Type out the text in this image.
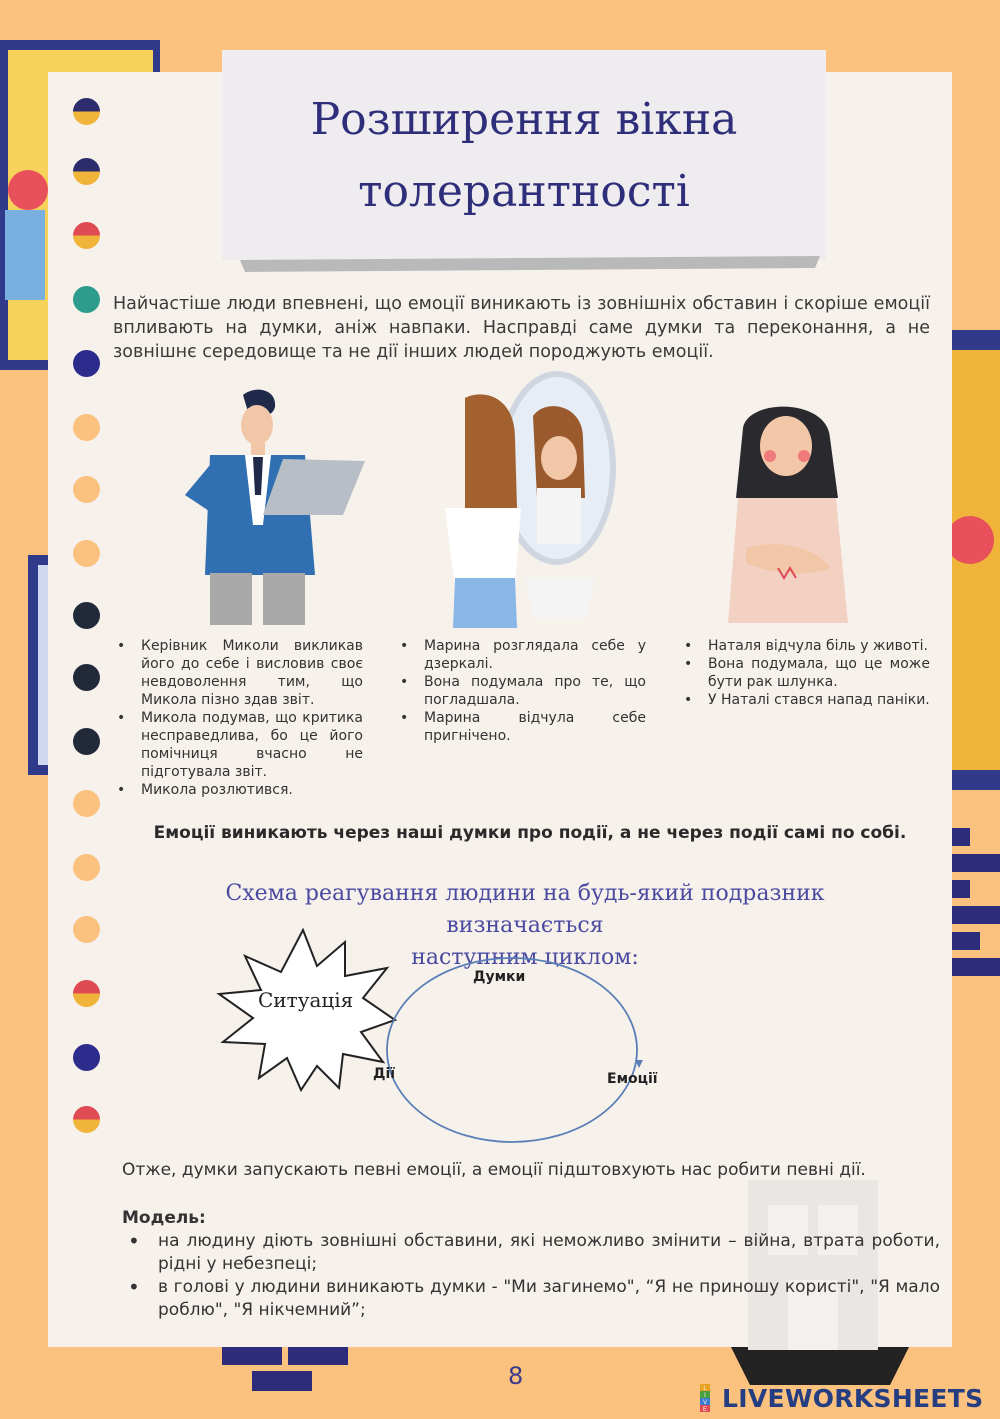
Розширення вікна
толерантності
Найчастіше люди впевнені, що емоції виникають із зовнішніх обставин і скоріше емоції впливають на думки, аніж навпаки. Насправді саме думки та переконання, а не зовнішнє середовище та не дії інших людей породжують емоції.
• Керівник Миколи викликав його до себе і висловив своє невдоволення тим, що Микола пізно здав звіт.
• Микола подумав, що критика несправедлива, бо це його помічниця вчасно не підготувала звіт.
• Микола розлютився.
• Марина розглядала себе у дзеркалі.
• Вона подумала про те, що погладшала.
• Марина відчула себе пригнічено.
• Наталя відчула біль у животі.
• Вона подумала, що це може бути рак шлунка.
• У Наталі стався напад паніки.
Емоції виникають через наші думки про події, а не через події самі по собі.
Схема реагування людини на будь-який подразник визначається
наступним циклом:
Ситуація
Думки
Емоції
Дії
Отже, думки запускають певні емоції, а емоції підштовхують нас робити певні дії.
Модель:
• на людину діють зовнішні обставини, які неможливо змінити – війна, втрата роботи, рідні у небезпеці;
• в голові у людини виникають думки - "Ми загинемо", “Я не приношу користі", "Я мало роблю", "Я нікчемний”;
8	L
I
V
E LIVEWORKSHEETS
